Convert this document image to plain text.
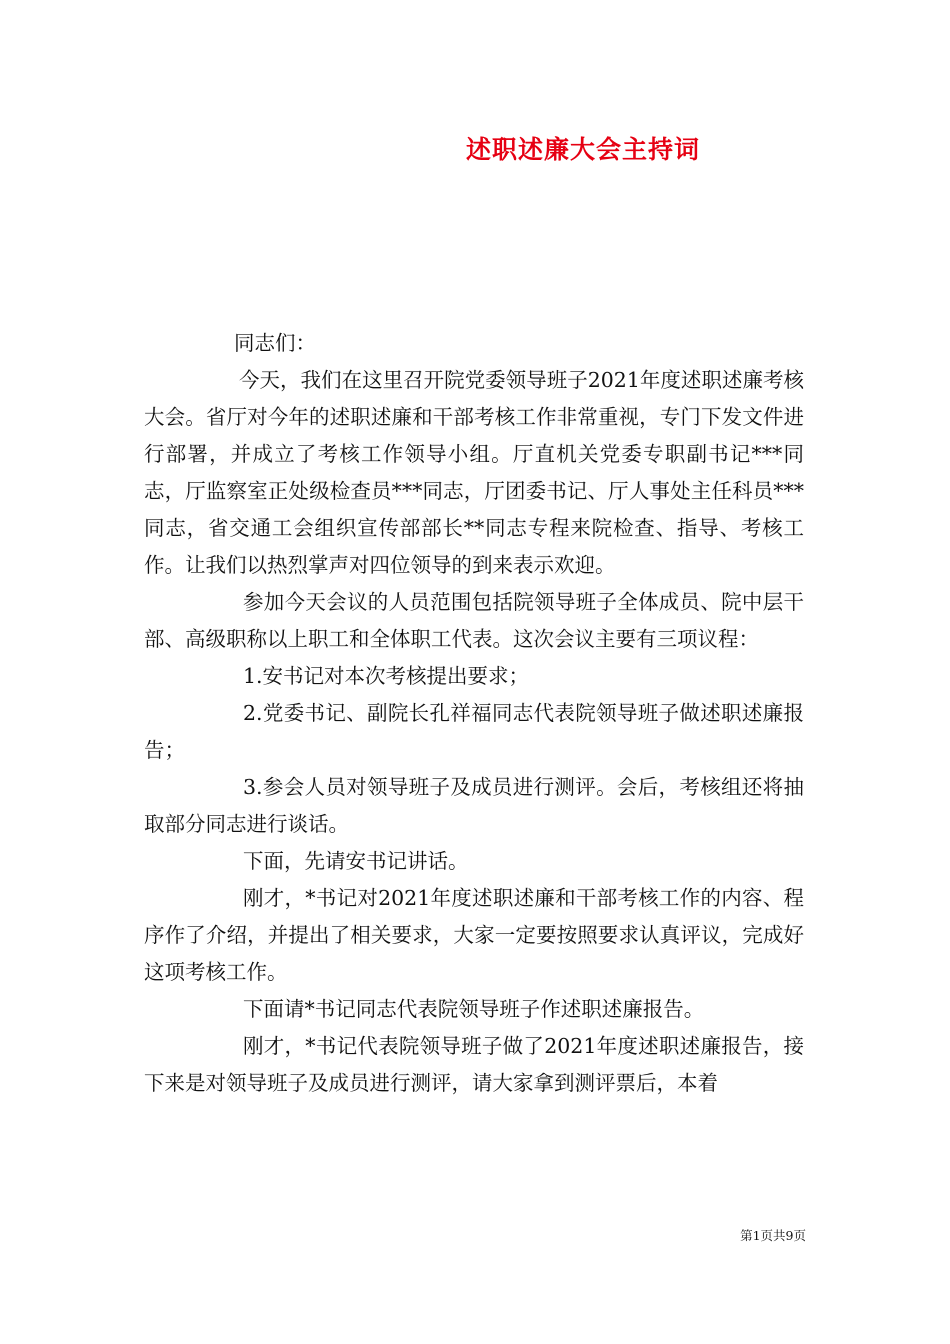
述职述廉大会主持词

同志们：

今天，我们在这里召开院党委领导班子2021年度述职述廉考核大会。省厅对今年的述职述廉和干部考核工作非常重视，专门下发文件进行部署，并成立了考核工作领导小组。厅直机关党委专职副书记***同志，厅监察室正处级检查员***同志，厅团委书记、厅人事处主任科员***同志，省交通工会组织宣传部部长**同志专程来院检查、指导、考核工作。让我们以热烈掌声对四位领导的到来表示欢迎。

参加今天会议的人员范围包括院领导班子全体成员、院中层干部、高级职称以上职工和全体职工代表。这次会议主要有三项议程：

1.安书记对本次考核提出要求；

2.党委书记、副院长孔祥福同志代表院领导班子做述职述廉报告；

3.参会人员对领导班子及成员进行测评。会后，考核组还将抽取部分同志进行谈话。

下面，先请安书记讲话。

刚才，*书记对2021年度述职述廉和干部考核工作的内容、程序作了介绍，并提出了相关要求，大家一定要按照要求认真评议，完成好这项考核工作。

下面请*书记同志代表院领导班子作述职述廉报告。

刚才，*书记代表院领导班子做了2021年度述职述廉报告，接下来是对领导班子及成员进行测评，请大家拿到测评票后，本着

第1页共9页
